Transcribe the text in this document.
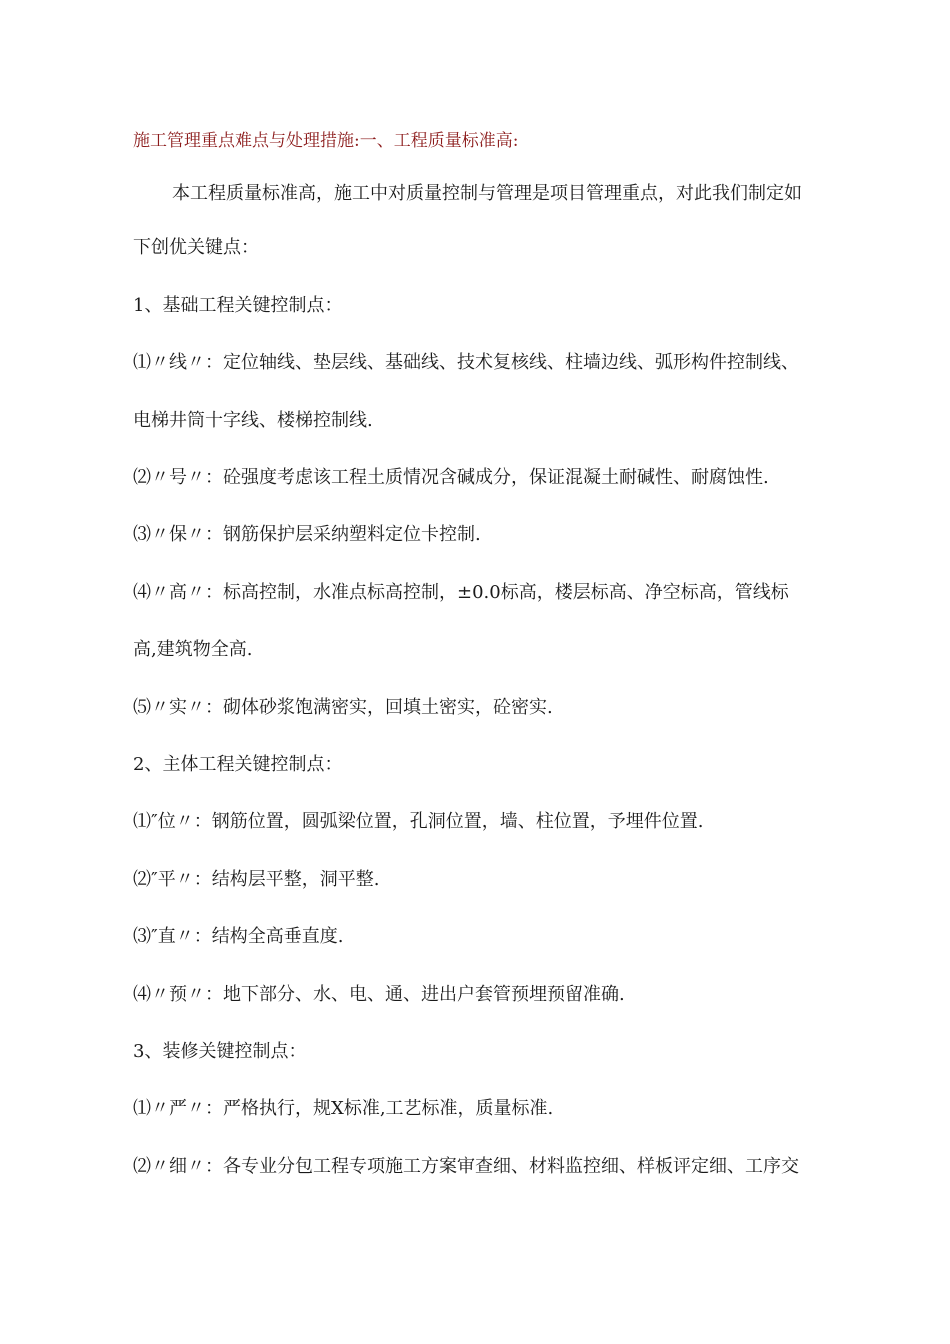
施工管理重点难点与处理措施:一、工程质量标准高:
本工程质量标准高，施工中对质量控制与管理是项目管理重点，对此我们制定如
下创优关键点：
1、基础工程关键控制点：
⑴〃线〃：定位轴线、垫层线、基础线、技术复核线、柱墙边线、弧形构件控制线、
电梯井筒十字线、楼梯控制线.
⑵〃号〃：砼强度考虑该工程土质情况含碱成分，保证混凝土耐碱性、耐腐蚀性.
⑶〃保〃：钢筋保护层采纳塑料定位卡控制.
⑷〃高〃：标高控制，水准点标高控制，±0.0标高，楼层标高、净空标高，管线标
高,建筑物全高.
⑸〃实〃：砌体砂浆饱满密实，回填土密实，砼密实.
2、主体工程关键控制点：
⑴″位〃：钢筋位置，圆弧梁位置，孔洞位置，墙、柱位置，予埋件位置.
⑵″平〃：结构层平整，洞平整.
⑶″直〃：结构全高垂直度.
⑷〃预〃：地下部分、水、电、通、进出户套管预埋预留准确.
3、装修关键控制点：
⑴〃严〃：严格执行，规X标准,工艺标准，质量标准.
⑵〃细〃：各专业分包工程专项施工方案审查细、材料监控细、样板评定细、工序交
